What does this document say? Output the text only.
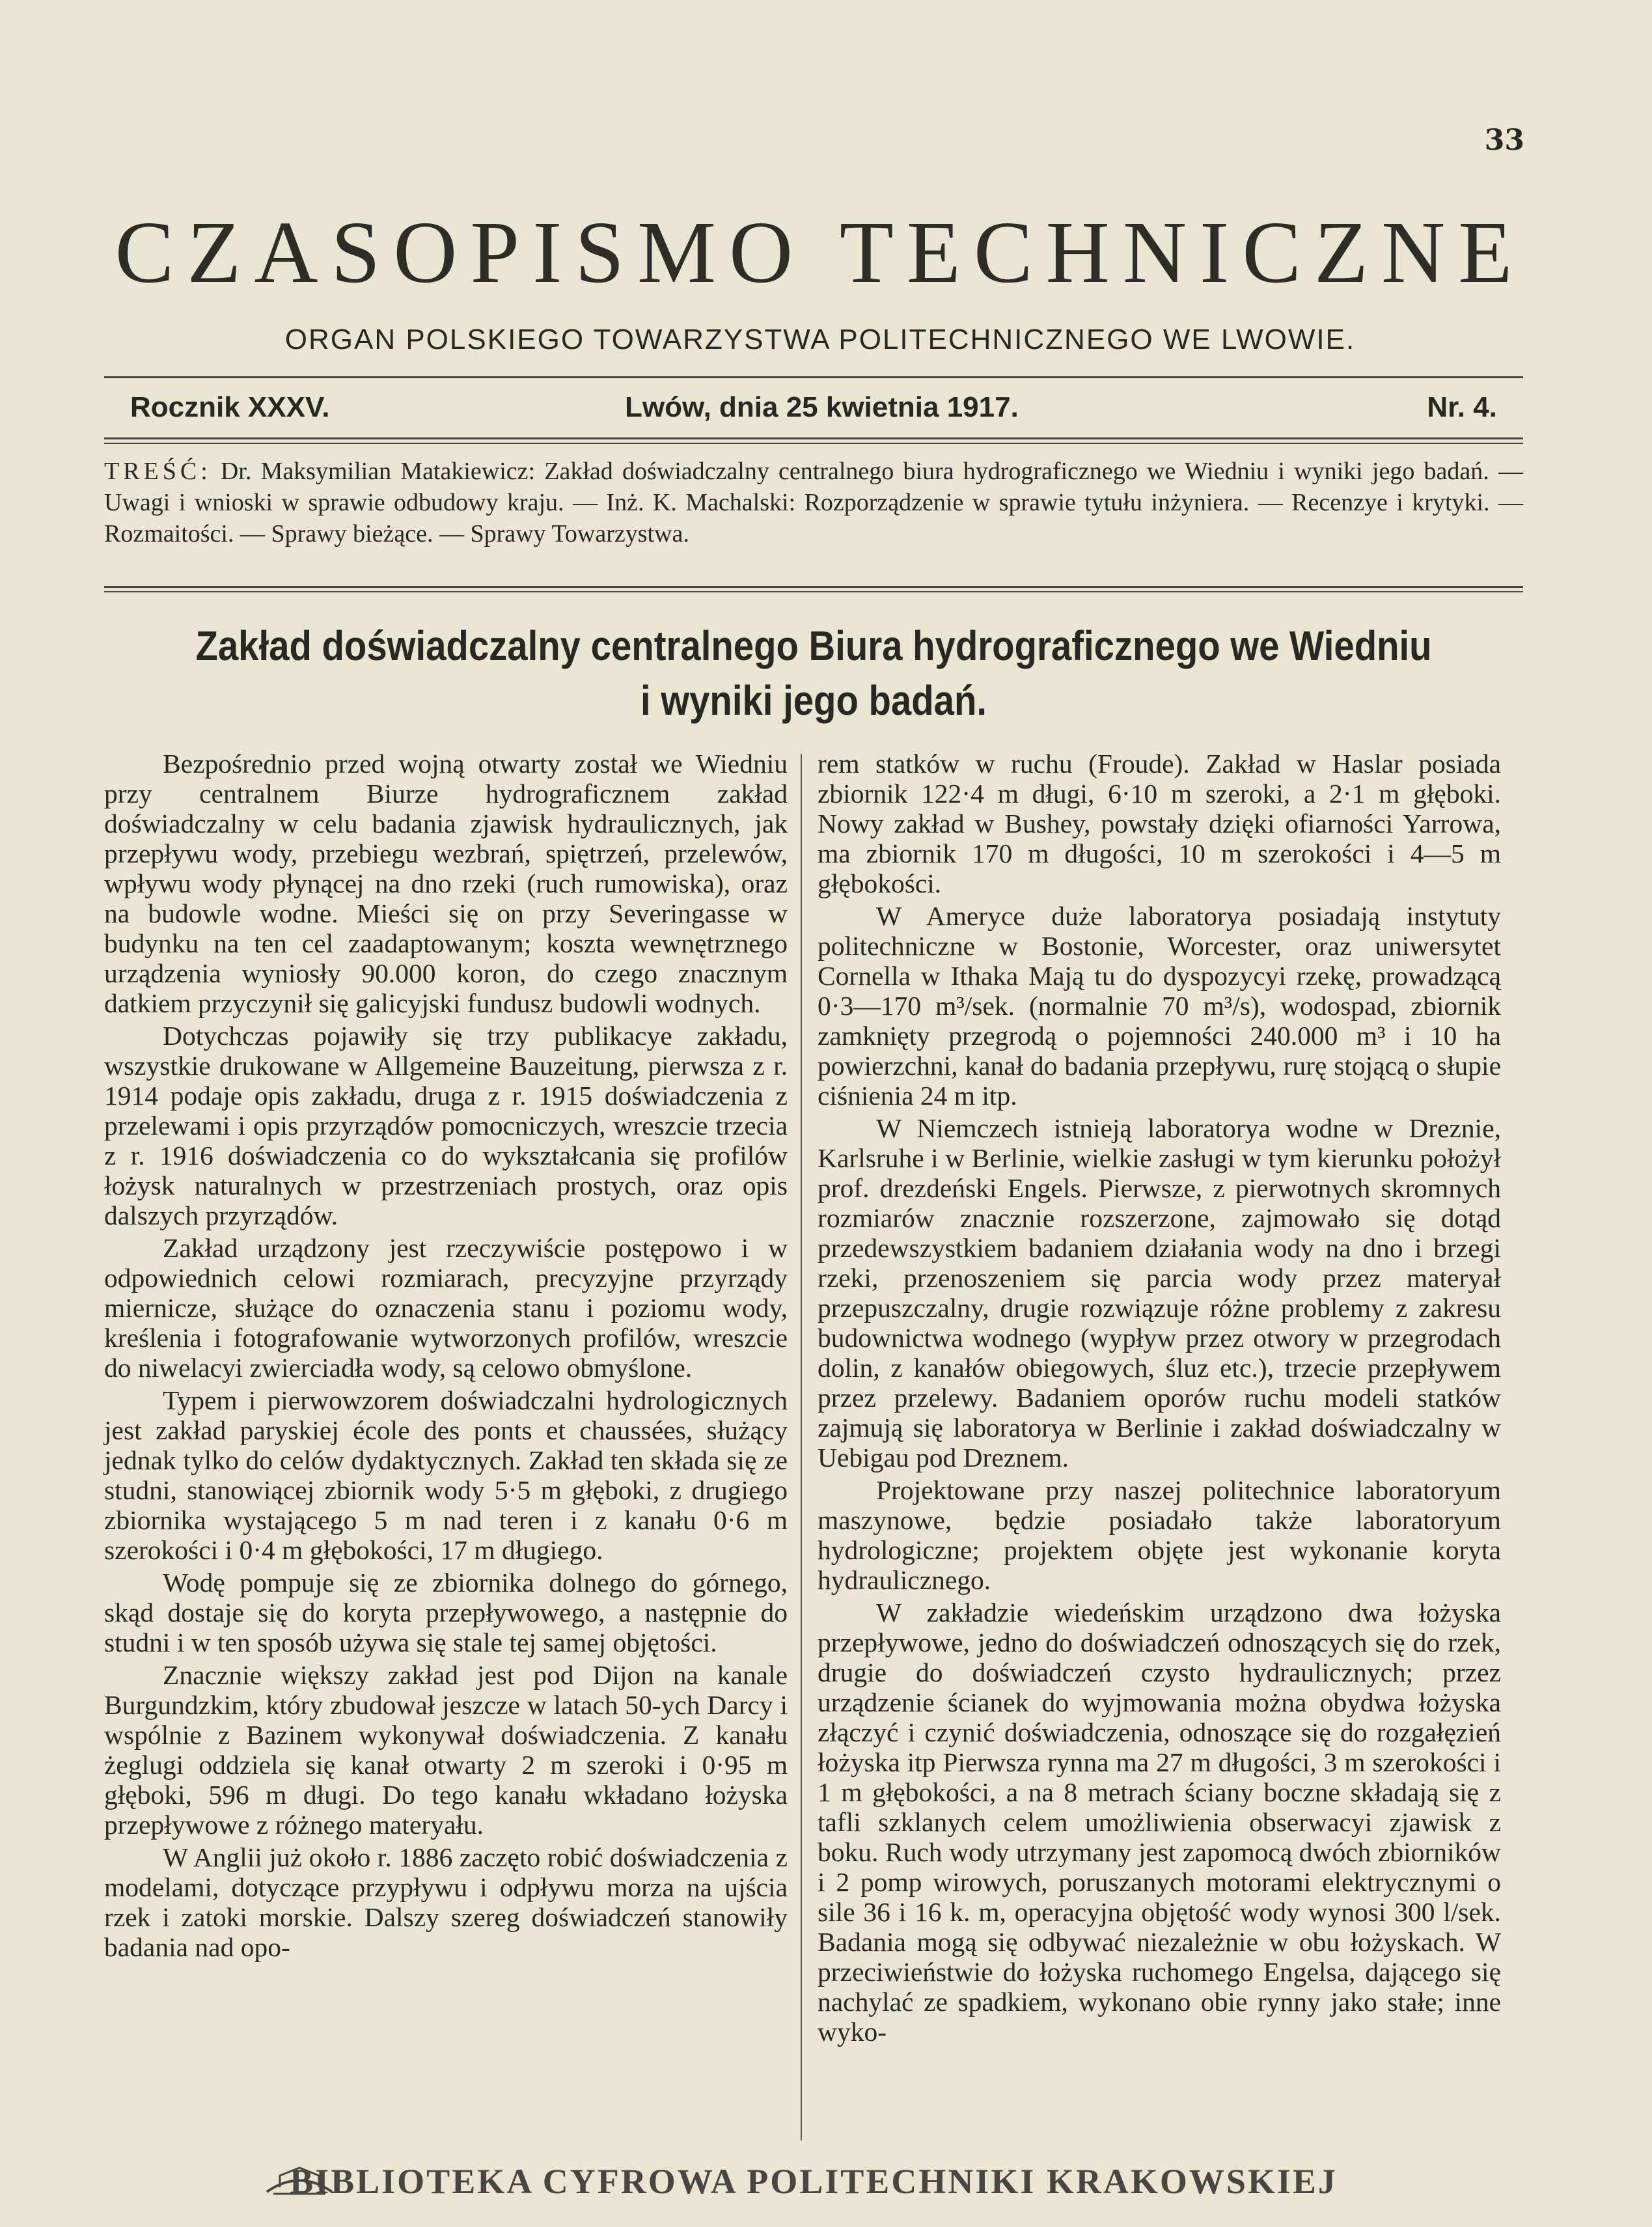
33
CZASOPISMO TECHNICZNE
ORGAN POLSKIEGO TOWARZYSTWA POLITECHNICZNEGO WE LWOWIE.
Rocznik XXXV.	Lwów, dnia 25 kwietnia 1917.	Nr. 4.
TREŚĆ: Dr. Maksymilian Matakiewicz: Zakład doświadczalny centralnego biura hydrograficznego we Wiedniu i wyniki jego badań. — Uwagi i wnioski w sprawie odbudowy kraju. — Inż. K. Machalski: Rozporządzenie w sprawie tytułu inżyniera. — Recenzye i krytyki. — Rozmaitości. — Sprawy bieżące. — Sprawy Towarzystwa.
Zakład doświadczalny centralnego Biura hydrograficznego we Wiedniu
i wyniki jego badań.

Bezpośrednio przed wojną otwarty został we Wiedniu przy centralnem Biurze hydrograficznem zakład doświadczalny w celu badania zjawisk hydraulicznych, jak przepływu wody, przebiegu wezbrań, spiętrzeń, przelewów, wpływu wody płynącej na dno rzeki (ruch rumowiska), oraz na budowle wodne. Mieści się on przy Severingasse w budynku na ten cel zaadaptowanym; koszta wewnętrznego urządzenia wyniosły 90.000 koron, do czego znacznym datkiem przyczynił się galicyjski fundusz budowli wodnych.

Dotychczas pojawiły się trzy publikacye zakładu, wszystkie drukowane w Allgemeine Bauzeitung, pierwsza z r. 1914 podaje opis zakładu, druga z r. 1915 doświadczenia z przelewami i opis przyrządów pomocniczych, wreszcie trzecia z r. 1916 doświadczenia co do wykształcania się profilów łożysk naturalnych w przestrzeniach prostych, oraz opis dalszych przyrządów.

Zakład urządzony jest rzeczywiście postępowo i w odpowiednich celowi rozmiarach, precyzyjne przyrządy miernicze, służące do oznaczenia stanu i poziomu wody, kreślenia i fotografowanie wytworzonych profilów, wreszcie do niwelacyi zwierciadła wody, są celowo obmyślone.

Typem i pierwowzorem doświadczalni hydrologicznych jest zakład paryskiej école des ponts et chaussées, służący jednak tylko do celów dydaktycznych. Zakład ten składa się ze studni, stanowiącej zbiornik wody 5·5 m głęboki, z drugiego zbiornika wystającego 5 m nad teren i z kanału 0·6 m szerokości i 0·4 m głębokości, 17 m długiego.

Wodę pompuje się ze zbiornika dolnego do górnego, skąd dostaje się do koryta przepływowego, a następnie do studni i w ten sposób używa się stale tej samej objętości.

Znacznie większy zakład jest pod Dijon na kanale Burgundzkim, który zbudował jeszcze w latach 50-ych Darcy i wspólnie z Bazinem wykonywał doświadczenia. Z kanału żeglugi oddziela się kanał otwarty 2 m szeroki i 0·95 m głęboki, 596 m długi. Do tego kanału wkładano łożyska przepływowe z różnego materyału.

W Anglii już około r. 1886 zaczęto robić doświadczenia z modelami, dotyczące przypływu i odpływu morza na ujścia rzek i zatoki morskie. Dalszy szereg doświadczeń stanowiły badania nad opo-

rem statków w ruchu (Froude). Zakład w Haslar posiada zbiornik 122·4 m długi, 6·10 m szeroki, a 2·1 m głęboki. Nowy zakład w Bushey, powstały dzięki ofiarności Yarrowa, ma zbiornik 170 m długości, 10 m szerokości i 4—5 m głębokości.

W Ameryce duże laboratorya posiadają instytuty politechniczne w Bostonie, Worcester, oraz uniwersytet Cornella w Ithaka Mają tu do dyspozycyi rzekę, prowadzącą 0·3—170 m³/sek. (normalnie 70 m³/s), wodospad, zbiornik zamknięty przegrodą o pojemności 240.000 m³ i 10 ha powierzchni, kanał do badania przepływu, rurę stojącą o słupie ciśnienia 24 m itp.

W Niemczech istnieją laboratorya wodne w Dreznie, Karlsruhe i w Berlinie, wielkie zasługi w tym kierunku położył prof. drezdeński Engels. Pierwsze, z pierwotnych skromnych rozmiarów znacznie rozszerzone, zajmowało się dotąd przedewszystkiem badaniem działania wody na dno i brzegi rzeki, przenoszeniem się parcia wody przez materyał przepuszczalny, drugie rozwiązuje różne problemy z zakresu budownictwa wodnego (wypływ przez otwory w przegrodach dolin, z kanałów obiegowych, śluz etc.), trzecie przepływem przez przelewy. Badaniem oporów ruchu modeli statków zajmują się laboratorya w Berlinie i zakład doświadczalny w Uebigau pod Dreznem.

Projektowane przy naszej politechnice laboratoryum maszynowe, będzie posiadało także laboratoryum hydrologiczne; projektem objęte jest wykonanie koryta hydraulicznego.

W zakładzie wiedeńskim urządzono dwa łożyska przepływowe, jedno do doświadczeń odnoszących się do rzek, drugie do doświadczeń czysto hydraulicznych; przez urządzenie ścianek do wyjmowania można obydwa łożyska złączyć i czynić doświadczenia, odnoszące się do rozgałęzień łożyska itp Pierwsza rynna ma 27 m długości, 3 m szerokości i 1 m głębokości, a na 8 metrach ściany boczne składają się z tafli szklanych celem umożliwienia obserwacyi zjawisk z boku. Ruch wody utrzymany jest zapomocą dwóch zbiorników i 2 pomp wirowych, poruszanych motorami elektrycznymi o sile 36 i 16 k. m, operacyjna objętość wody wynosi 300 l/sek. Badania mogą się odbywać niezależnie w obu łożyskach. W przeciwieństwie do łożyska ruchomego Engelsa, dającego się nachylać ze spadkiem, wykonano obie rynny jako stałe; inne wyko-

BIBLIOTEKA CYFROWA POLITECHNIKI KRAKOWSKIEJ
